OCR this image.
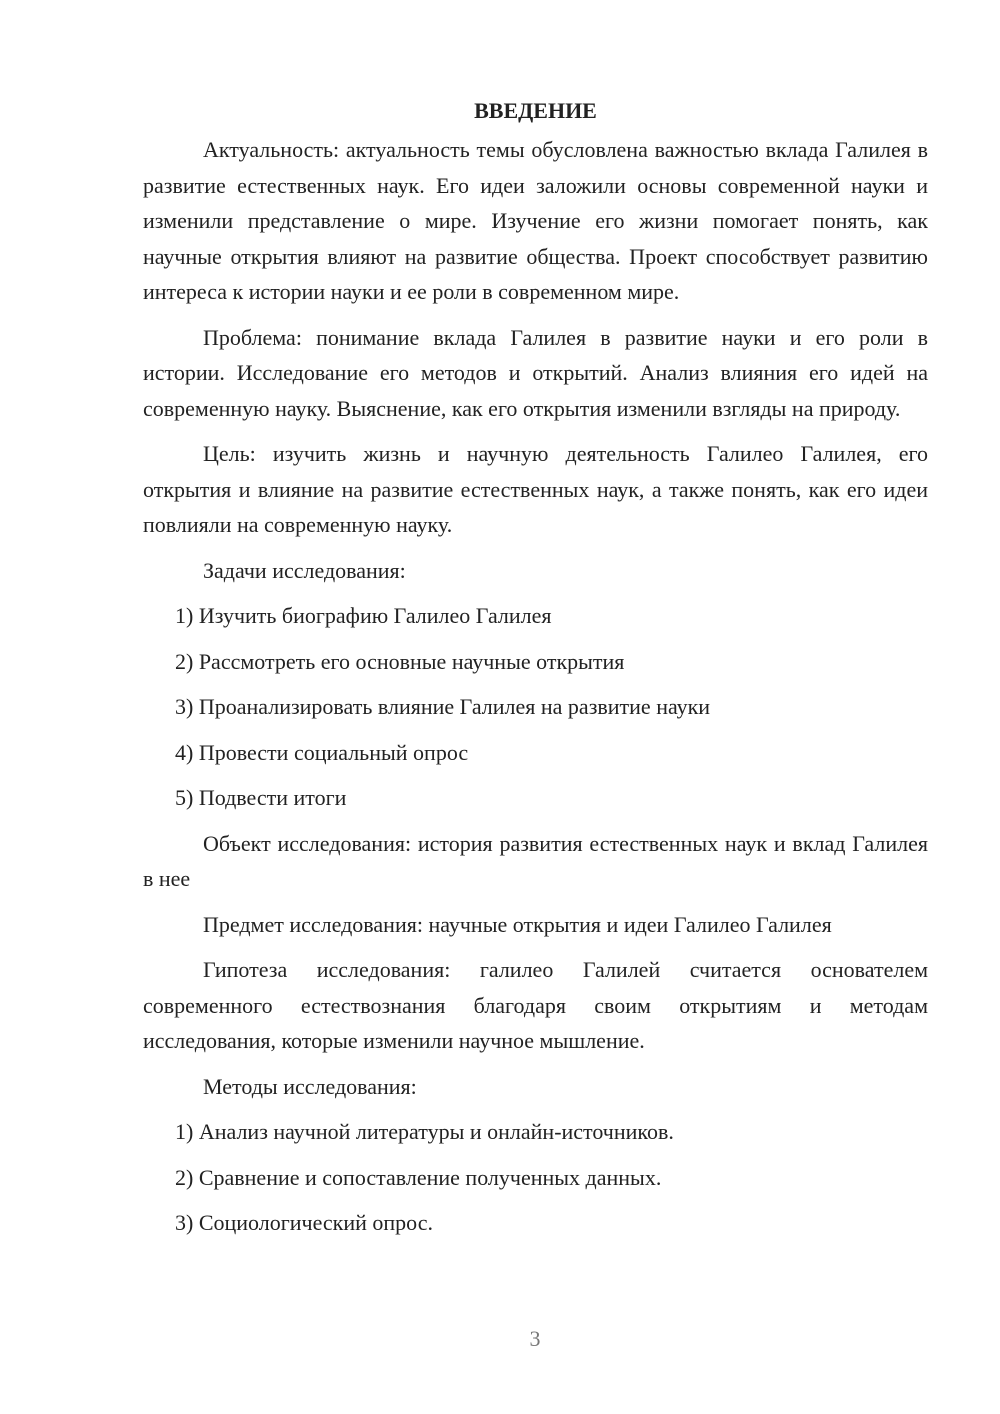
ВВЕДЕНИЕ

Актуальность: актуальность темы обусловлена важностью вклада Галилея в развитие естественных наук. Его идеи заложили основы современной науки и изменили представление о мире. Изучение его жизни помогает понять, как научные открытия влияют на развитие общества. Проект способствует развитию интереса к истории науки и ее роли в современном мире.

Проблема: понимание вклада Галилея в развитие науки и его роли в истории. Исследование его методов и открытий. Анализ влияния его идей на современную науку. Выяснение, как его открытия изменили взгляды на природу.

Цель: изучить жизнь и научную деятельность Галилео Галилея, его открытия и влияние на развитие естественных наук, а также понять, как его идеи повлияли на современную науку.

Задачи исследования:

1) Изучить биографию Галилео Галилея

2) Рассмотреть его основные научные открытия

3) Проанализировать влияние Галилея на развитие науки

4) Провести социальный опрос

5) Подвести итоги

Объект исследования: история развития естественных наук и вклад Галилея в нее

Предмет исследования: научные открытия и идеи Галилео Галилея

Гипотеза исследования: галилео Галилей считается основателем современного естествознания благодаря своим открытиям и методам исследования, которые изменили научное мышление.

Методы исследования:

1) Анализ научной литературы и онлайн-источников.

2) Сравнение и сопоставление полученных данных.

3) Социологический опрос.

3
